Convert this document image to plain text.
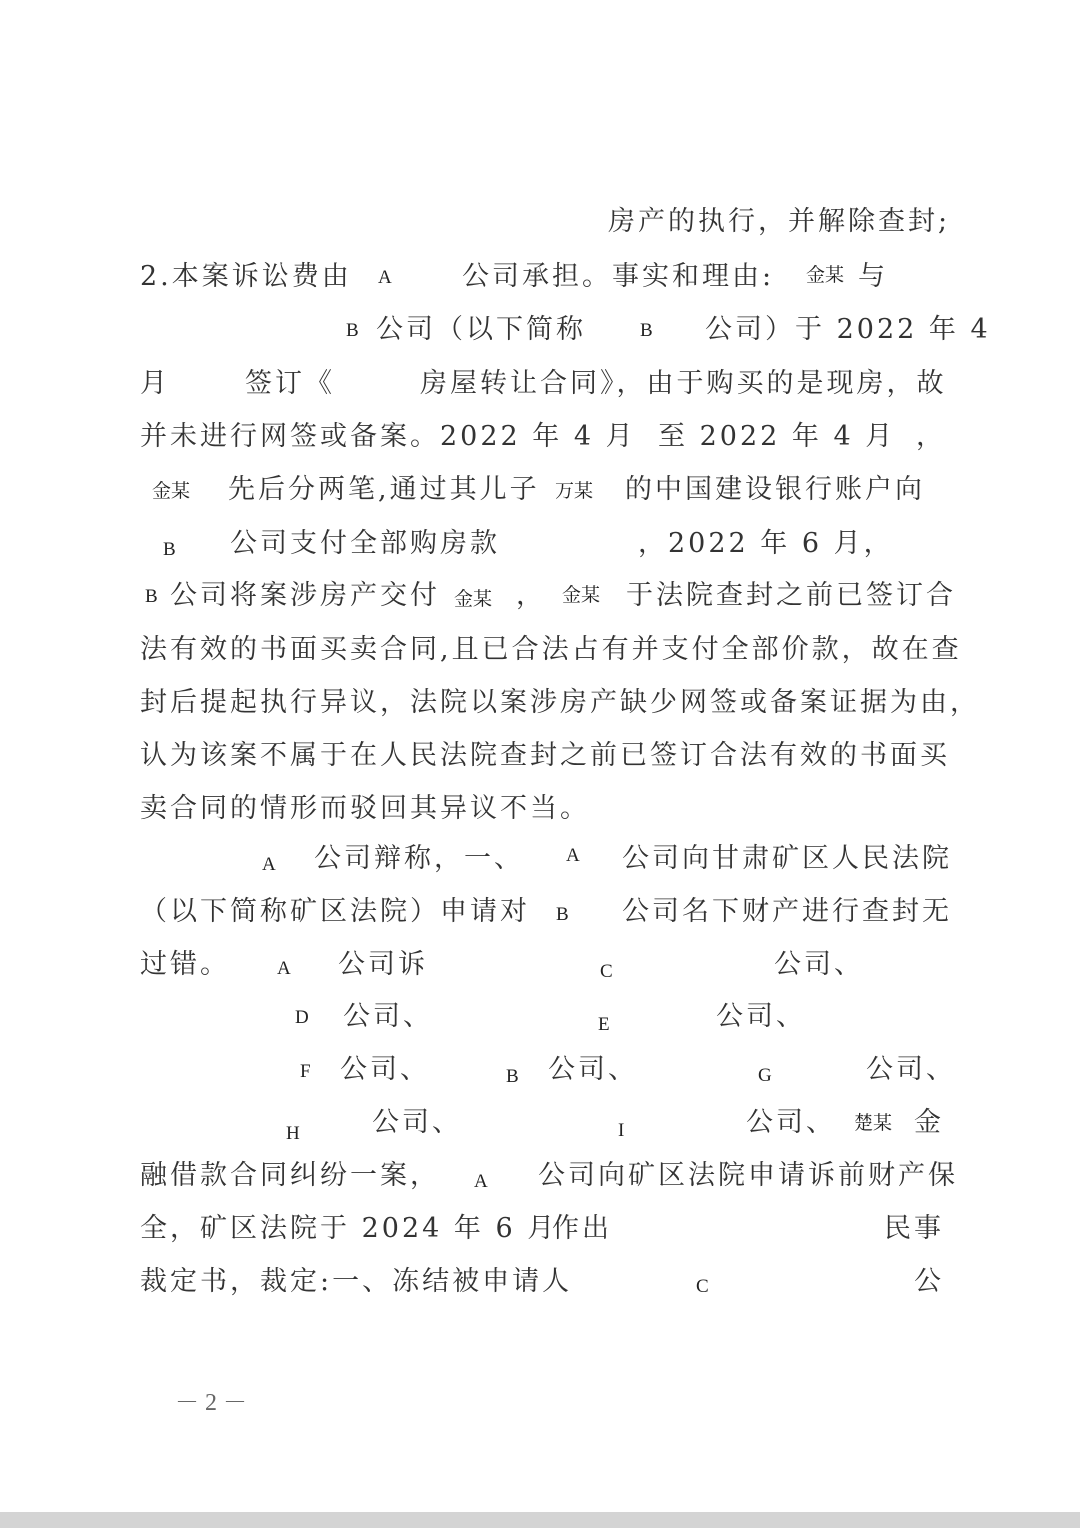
房产的执行，并解除查封;
2.本案诉讼费由 A	公司承担。事实和理由: 金某 与
B 公司（以下简称	B 公司）于 2022 年 4
月	签订《	房屋转让合同》，由于购买的是现房，故
并未进行网签或备案。2022 年 4 月 至 2022 年 4 月 ，
金某 先后分两笔,通过其儿子 万某 的中国建设银行账户向
B 公司支付全部购房款	，2022 年 6 月，
B 公司将案涉房产交付 金某 ， 金某 于法院查封之前已签订合
法有效的书面买卖合同,且已合法占有并支付全部价款，故在查
封后提起执行异议，法院以案涉房产缺少网签或备案证据为由，
认为该案不属于在人民法院查封之前已签订合法有效的书面买
卖合同的情形而驳回其异议不当。
A 公司辩称，一、 A 公司向甘肃矿区人民法院
（以下简称矿区法院）申请对 B 公司名下财产进行查封无
过错。 A 公司诉	C	公司、
D 公司、	E	公司、
F 公司、	B 公司、	G	公司、
H	公司、	I	公司、 楚某 金
融借款合同纠纷一案， A 公司向矿区法院申请诉前财产保
全，矿区法院于 2024 年 6 月
作出	民事
裁定书，裁定:一、冻结被申请人	C	公
－ 2 －
